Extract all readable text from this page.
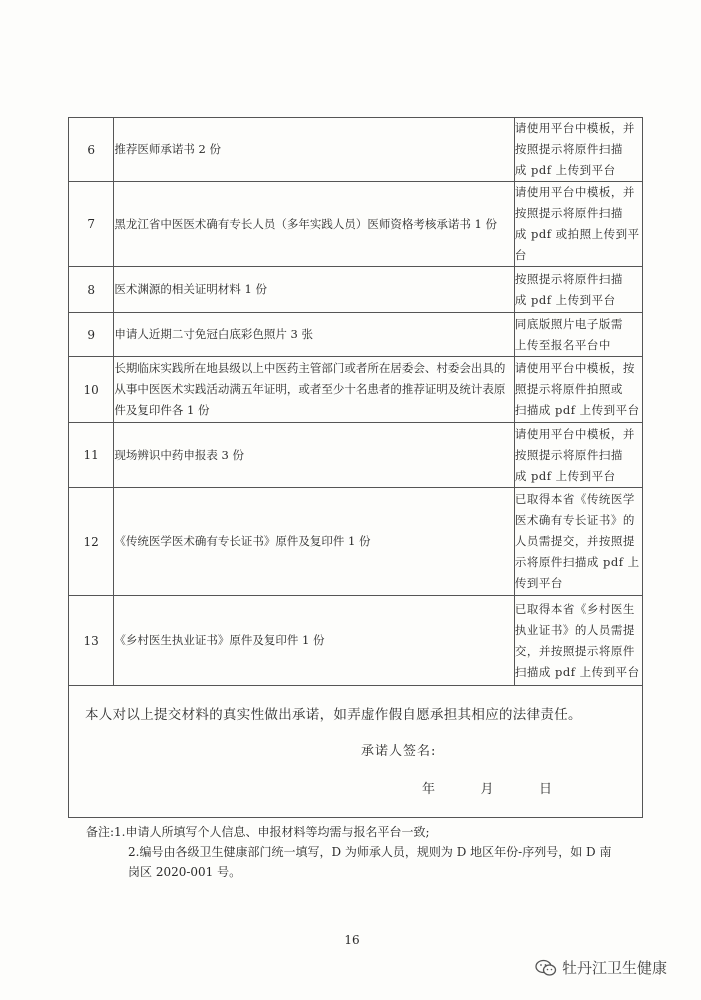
6	推荐医师承诺书 2 份	请使用平台中模板，并
按照提示将原件扫描
成 pdf 上传到平台

7	黑龙江省中医医术确有专长人员（多年实践人员）医师资格考核承诺书 1 份	请使用平台中模板，并
按照提示将原件扫描
成 pdf 或拍照上传到平
台

8	医术渊源的相关证明材料 1 份	按照提示将原件扫描
成 pdf 上传到平台

9	申请人近期二寸免冠白底彩色照片 3 张	同底版照片电子版需
上传至报名平台中

10	长期临床实践所在地县级以上中医药主管部门或者所在居委会、村委会出具的从事中医医术实践活动满五年证明，或者至少十名患者的推荐证明及统计表原件及复印件各 1 份	请使用平台中模板，按
照提示将原件拍照或
扫描成 pdf 上传到平台

11	现场辨识中药申报表 3 份	请使用平台中模板，并
按照提示将原件扫描
成 pdf 上传到平台

12	《传统医学医术确有专长证书》原件及复印件 1 份	已取得本省《传统医学
医术确有专长证书》的
人员需提交，并按照提
示将原件扫描成 pdf 上
传到平台

13	《乡村医生执业证书》原件及复印件 1 份	已取得本省《乡村医生
执业证书》的人员需提
交，并按照提示将原件
扫描成 pdf 上传到平台
本人对以上提交材料的真实性做出承诺，如弄虚作假自愿承担其相应的法律责任。
承诺人签名:
年	月	日
备注:1.申请人所填写个人信息、申报材料等均需与报名平台一致;
2.编号由各级卫生健康部门统一填写，D 为师承人员，规则为 D 地区年份-序列号，如 D 南
岗区 2020-001 号。
16
牡丹江卫生健康
